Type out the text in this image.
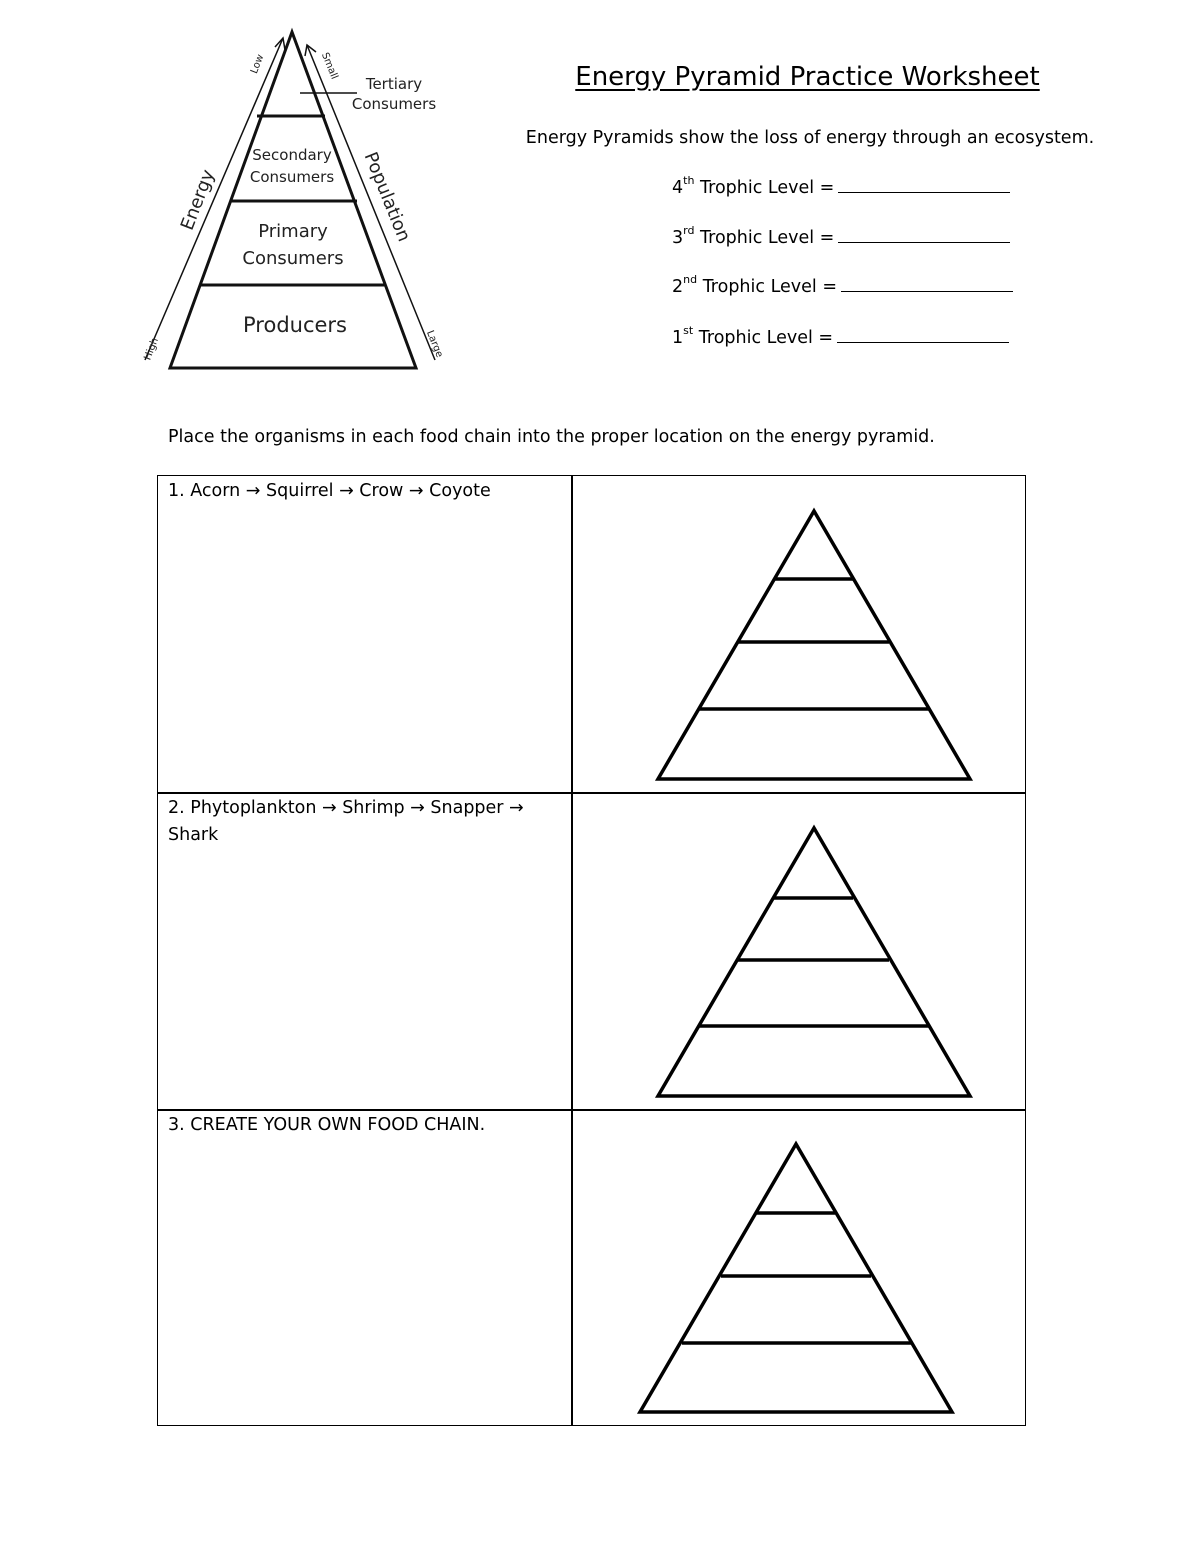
Tertiary
Consumers
Secondary
Consumers
Primary
Consumers
Producers
Energy
Low
High
Population
Small
Large
Energy Pyramid Practice Worksheet
Energy Pyramids show the loss of energy through an ecosystem.
4th Trophic Level =
3rd Trophic Level =
2nd Trophic Level =
1st Trophic Level =
Place the organisms in each food chain into the proper location on the energy pyramid.
1. Acorn → Squirrel → Crow → Coyote
2. Phytoplankton → Shrimp → Snapper → Shark
3. CREATE YOUR OWN FOOD CHAIN.
